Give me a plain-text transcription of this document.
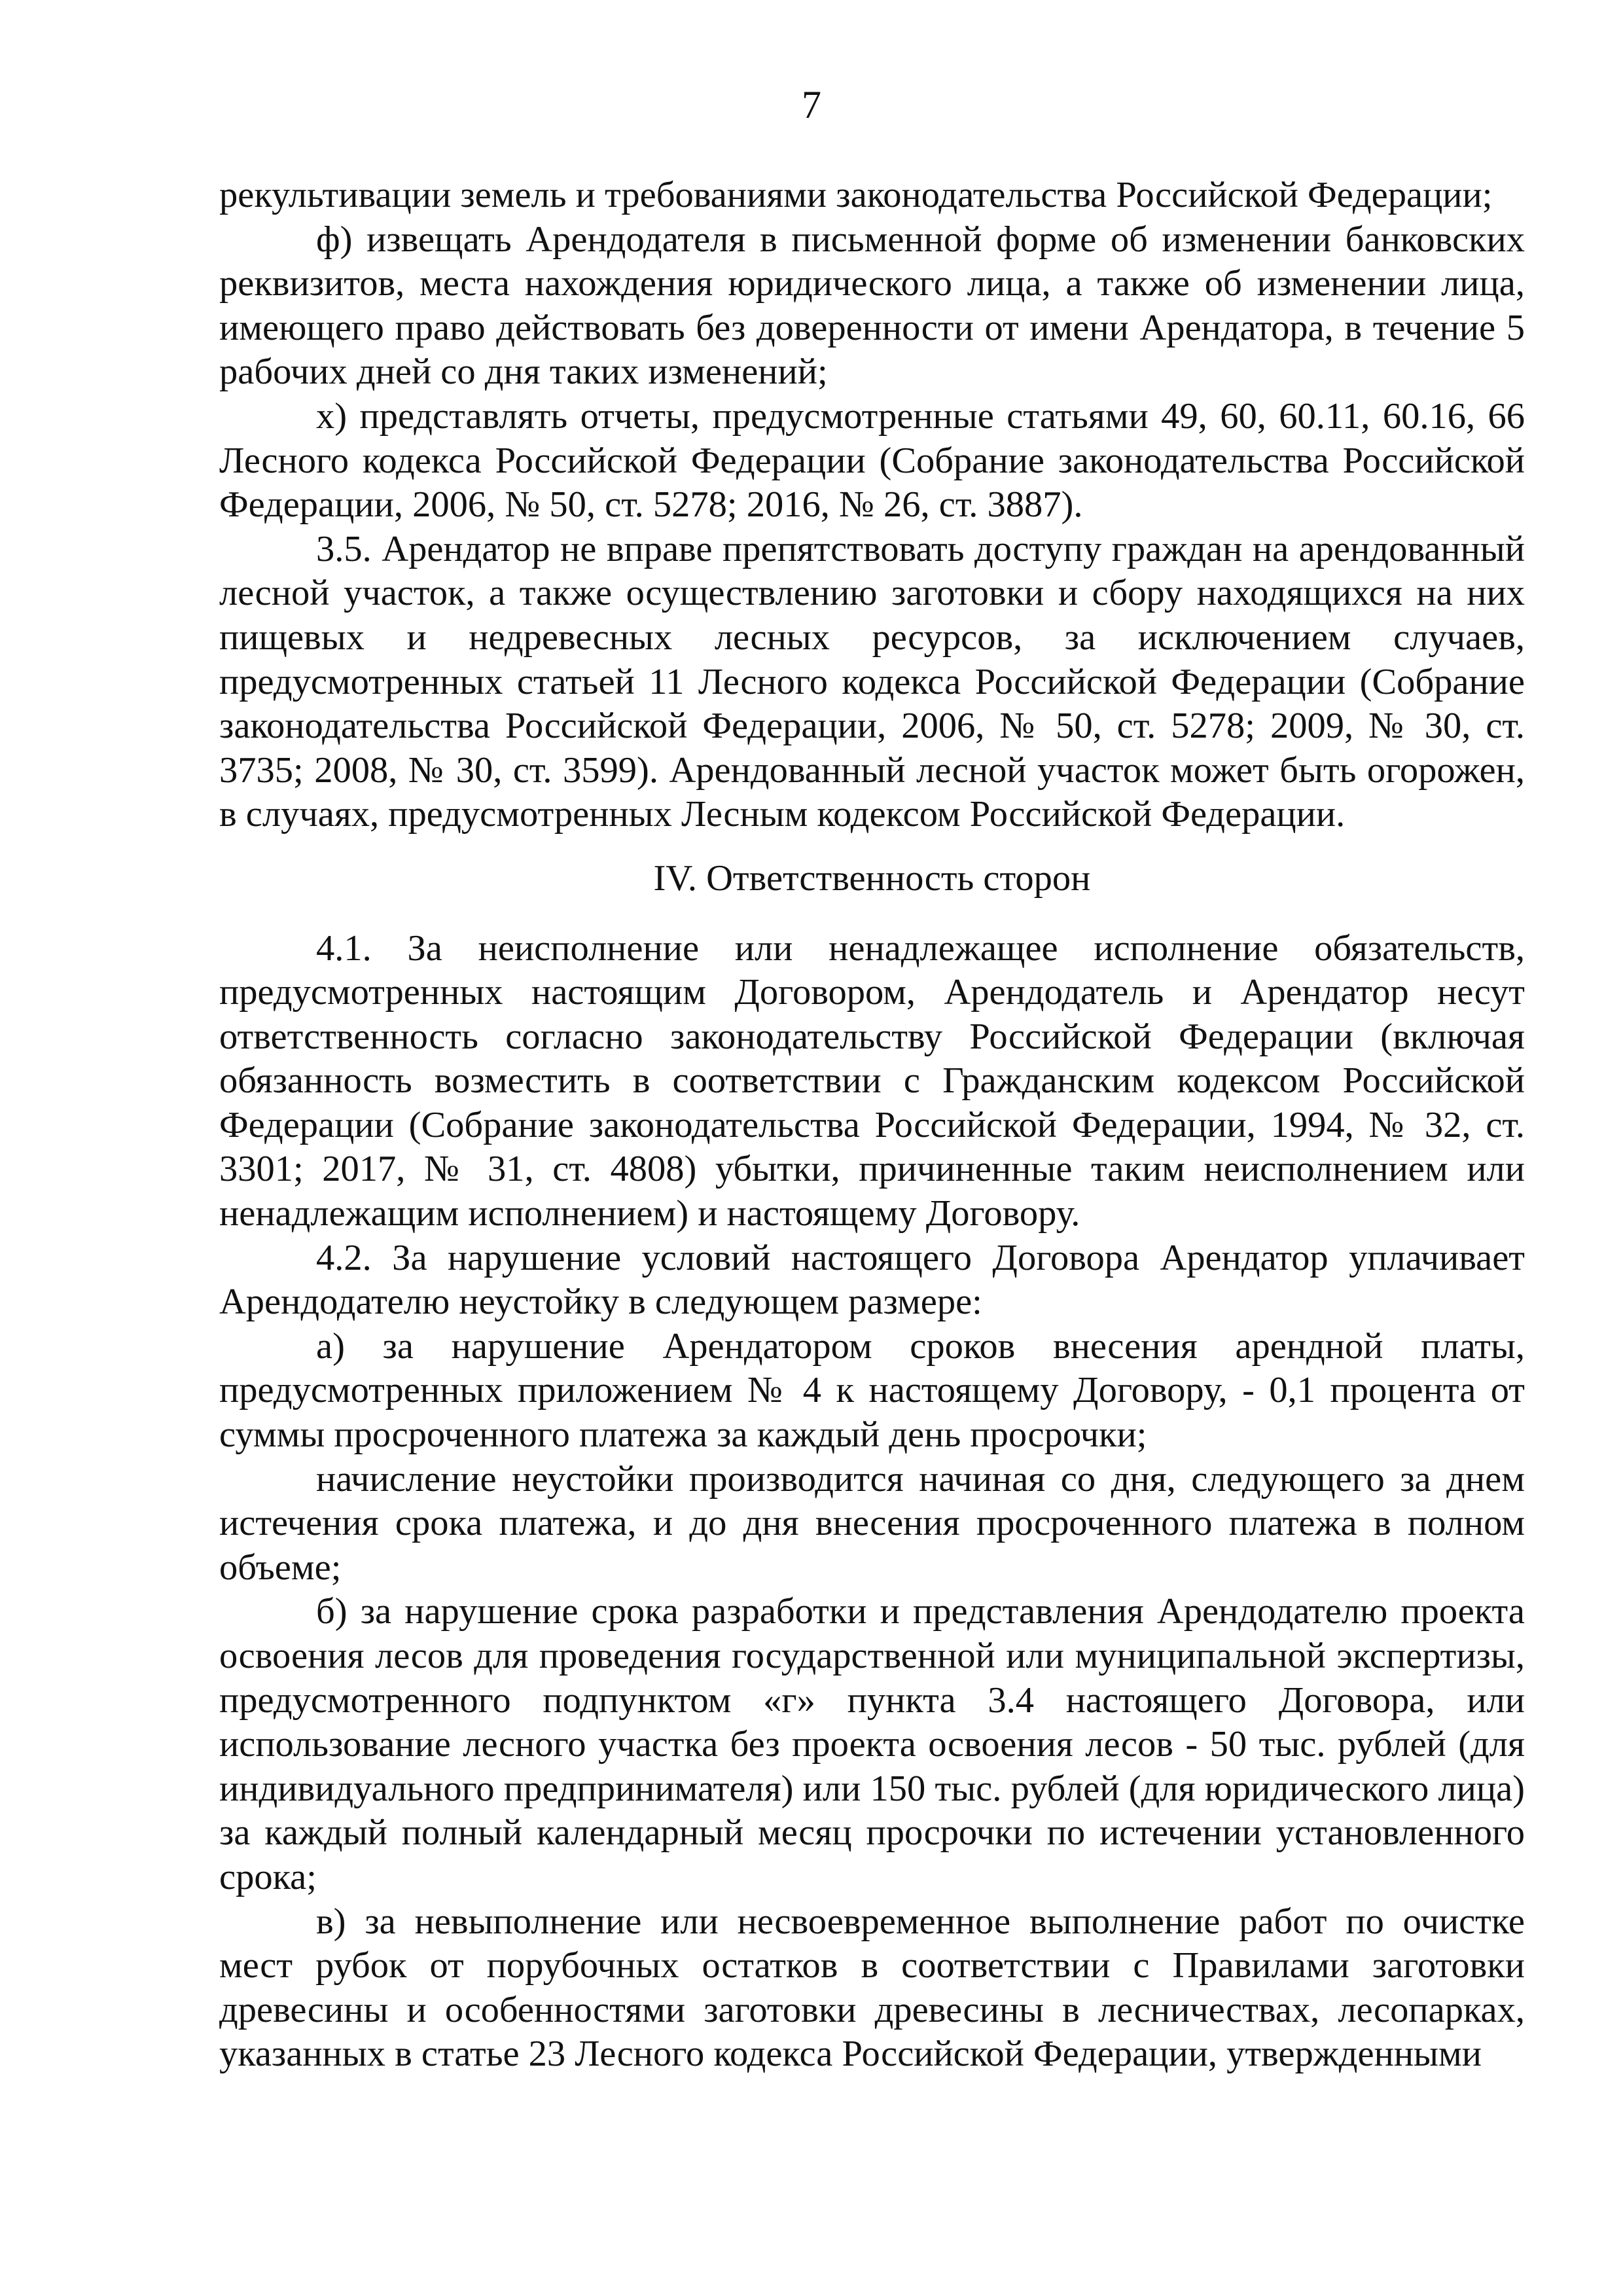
7

рекультивации земель и требованиями законодательства Российской Федерации;

ф) извещать Арендодателя в письменной форме об изменении банковских реквизитов, места нахождения юридического лица, а также об изменении лица, имеющего право действовать без доверенности от имени Арендатора, в течение 5 рабочих дней со дня таких изменений;

х) представлять отчеты, предусмотренные статьями 49, 60, 60.11, 60.16, 66 Лесного кодекса Российской Федерации (Собрание законодательства Российской Федерации, 2006, № 50, ст. 5278; 2016, № 26, ст. 3887).

3.5. Арендатор не вправе препятствовать доступу граждан на арендованный лесной участок, а также осуществлению заготовки и сбору находящихся на них пищевых и недревесных лесных ресурсов, за исключением случаев, предусмотренных статьей 11 Лесного кодекса Российской Федерации (Собрание законодательства Российской Федерации, 2006, № 50, ст. 5278; 2009, № 30, ст. 3735; 2008, № 30, ст. 3599). Арендованный лесной участок может быть огорожен, в случаях, предусмотренных Лесным кодексом Российской Федерации.

IV. Ответственность сторон

4.1. За неисполнение или ненадлежащее исполнение обязательств, предусмотренных настоящим Договором, Арендодатель и Арендатор несут ответственность согласно законодательству Российской Федерации (включая обязанность возместить в соответствии с Гражданским кодексом Российской Федерации (Собрание законодательства Российской Федерации, 1994, № 32, ст. 3301; 2017, № 31, ст. 4808) убытки, причиненные таким неисполнением или ненадлежащим исполнением) и настоящему Договору.

4.2. За нарушение условий настоящего Договора Арендатор уплачивает Арендодателю неустойку в следующем размере:

а) за нарушение Арендатором сроков внесения арендной платы, предусмотренных приложением № 4 к настоящему Договору, - 0,1 процента от суммы просроченного платежа за каждый день просрочки;

начисление неустойки производится начиная со дня, следующего за днем истечения срока платежа, и до дня внесения просроченного платежа в полном объеме;

б) за нарушение срока разработки и представления Арендодателю проекта освоения лесов для проведения государственной или муниципальной экспертизы, предусмотренного подпунктом «г» пункта 3.4 настоящего Договора, или использование лесного участка без проекта освоения лесов - 50 тыс. рублей (для индивидуального предпринимателя) или 150 тыс. рублей (для юридического лица) за каждый полный календарный месяц просрочки по истечении установленного срока;

в) за невыполнение или несвоевременное выполнение работ по очистке мест рубок от порубочных остатков в соответствии с Правилами заготовки древесины и особенностями заготовки древесины в лесничествах, лесопарках, указанных в статье 23 Лесного кодекса Российской Федерации, утвержденными
